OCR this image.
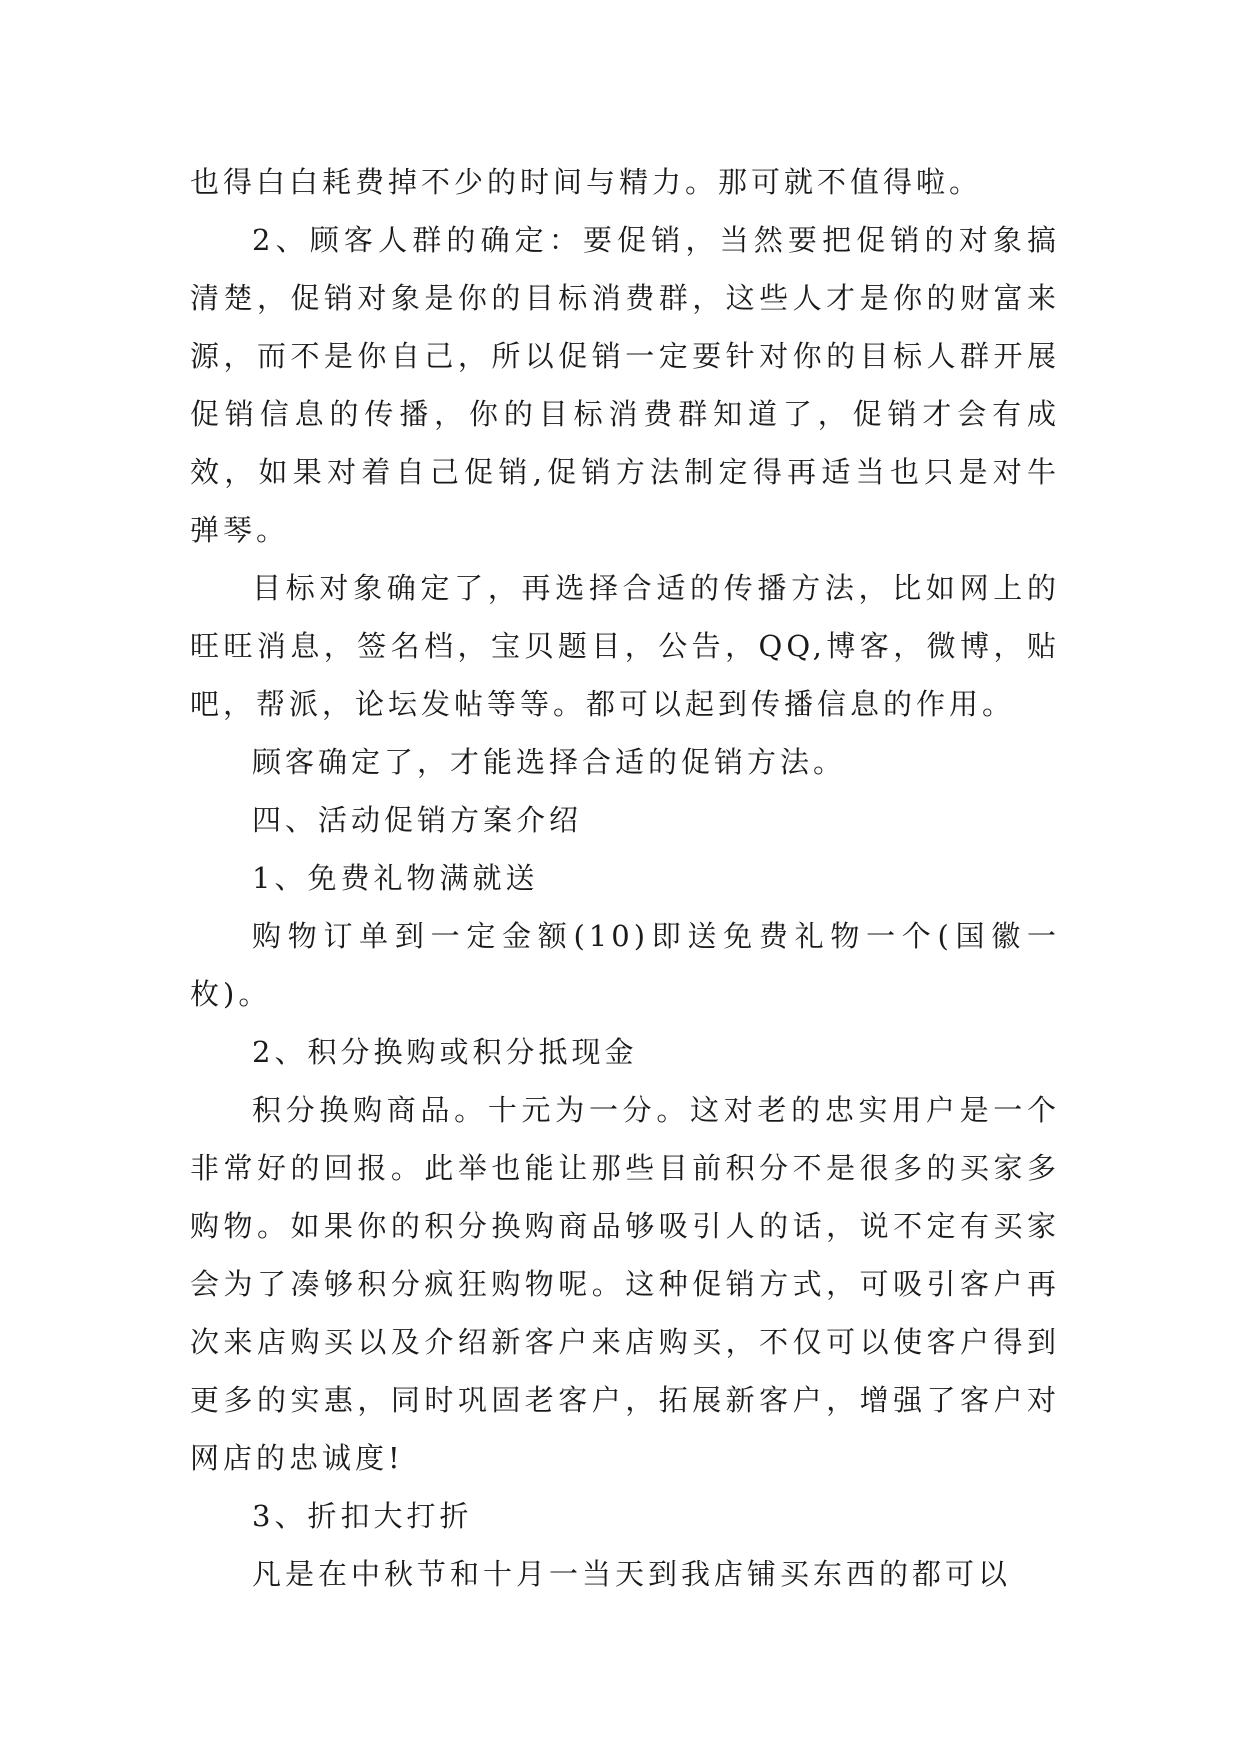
也得白白耗费掉不少的时间与精力。那可就不值得啦。

2、顾客人群的确定：要促销，当然要把促销的对象搞清楚，促销对象是你的目标消费群，这些人才是你的财富来源，而不是你自己，所以促销一定要针对你的目标人群开展促销信息的传播，你的目标消费群知道了，促销才会有成效，如果对着自己促销,促销方法制定得再适当也只是对牛弹琴。

目标对象确定了，再选择合适的传播方法，比如网上的旺旺消息，签名档，宝贝题目，公告，QQ,博客，微博，贴吧，帮派，论坛发帖等等。都可以起到传播信息的作用。

顾客确定了，才能选择合适的促销方法。

四、活动促销方案介绍

1、免费礼物满就送

购物订单到一定金额(10)即送免费礼物一个(国徽一枚)。

2、积分换购或积分抵现金

积分换购商品。十元为一分。这对老的忠实用户是一个非常好的回报。此举也能让那些目前积分不是很多的买家多购物。如果你的积分换购商品够吸引人的话，说不定有买家会为了凑够积分疯狂购物呢。这种促销方式，可吸引客户再次来店购买以及介绍新客户来店购买，不仅可以使客户得到更多的实惠，同时巩固老客户，拓展新客户，增强了客户对网店的忠诚度!

3、折扣大打折

凡是在中秋节和十月一当天到我店铺买东西的都可以
